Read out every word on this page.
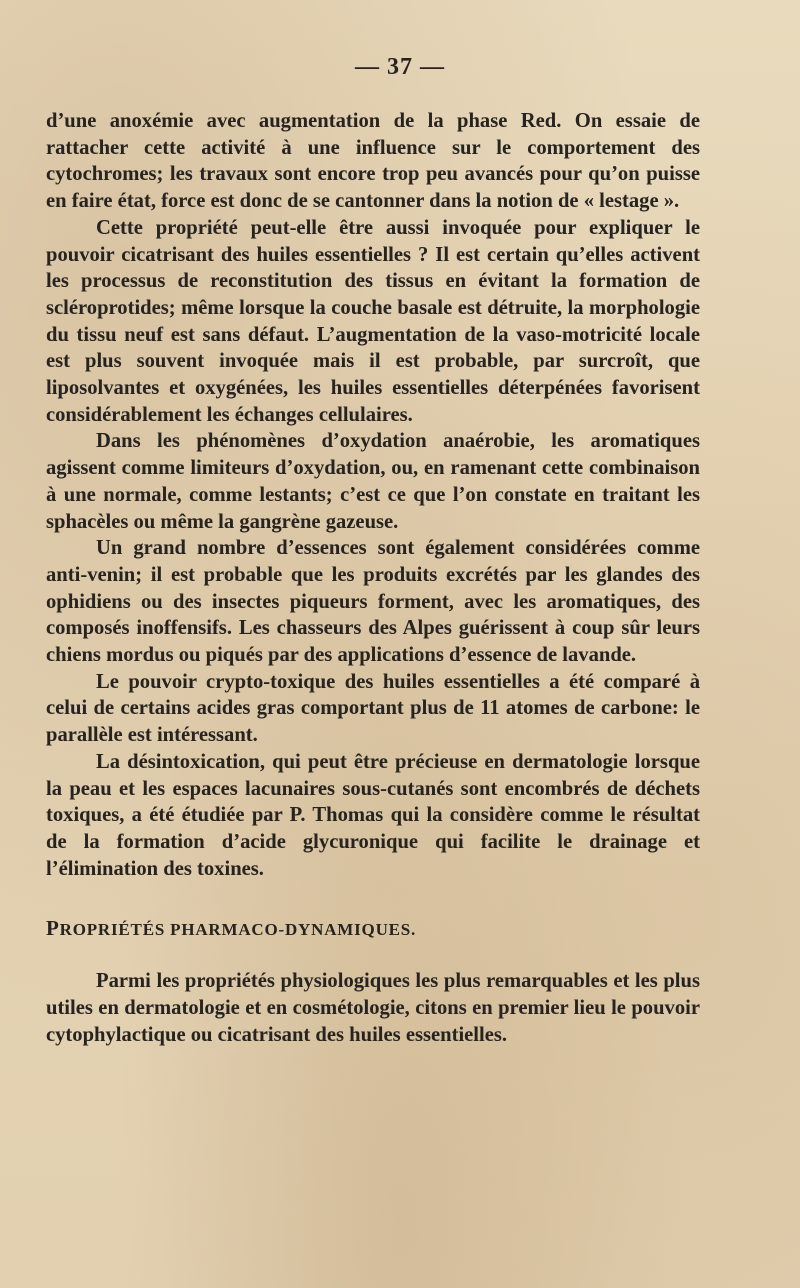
— 37 —

d’une anoxémie avec augmentation de la phase Red. On essaie de rattacher cette activité à une influence sur le comportement des cytochromes; les travaux sont encore trop peu avancés pour qu’on puisse en faire état, force est donc de se cantonner dans la notion de « lestage ».

Cette propriété peut-elle être aussi invoquée pour expliquer le pouvoir cicatrisant des huiles essentielles ? Il est certain qu’elles activent les processus de reconstitution des tissus en évitant la formation de scléroprotides; même lorsque la couche basale est détruite, la morphologie du tissu neuf est sans défaut. L’augmentation de la vaso-motricité locale est plus souvent invoquée mais il est probable, par surcroît, que liposolvantes et oxygénées, les huiles essentielles déterpénées favorisent considérablement les échanges cellulaires.

Dans les phénomènes d’oxydation anaérobie, les aromatiques agissent comme limiteurs d’oxydation, ou, en ramenant cette combinaison à une normale, comme lestants; c’est ce que l’on constate en traitant les sphacèles ou même la gangrène gazeuse.

Un grand nombre d’essences sont également considérées comme anti-venin; il est probable que les produits excrétés par les glandes des ophidiens ou des insectes piqueurs forment, avec les aromatiques, des composés inoffensifs. Les chasseurs des Alpes guérissent à coup sûr leurs chiens mordus ou piqués par des applications d’essence de lavande.

Le pouvoir crypto-toxique des huiles essentielles a été comparé à celui de certains acides gras comportant plus de 11 atomes de carbone: le parallèle est intéressant.

La désintoxication, qui peut être précieuse en dermatologie lorsque la peau et les espaces lacunaires sous-cutanés sont encombrés de déchets toxiques, a été étudiée par P. Thomas qui la considère comme le résultat de la formation d’acide glycuronique qui facilite le drainage et l’élimination des toxines.

PROPRIÉTÉS PHARMACO-DYNAMIQUES.

Parmi les propriétés physiologiques les plus remarquables et les plus utiles en dermatologie et en cosmétologie, citons en premier lieu le pouvoir cytophylactique ou cicatrisant des huiles essentielles.
